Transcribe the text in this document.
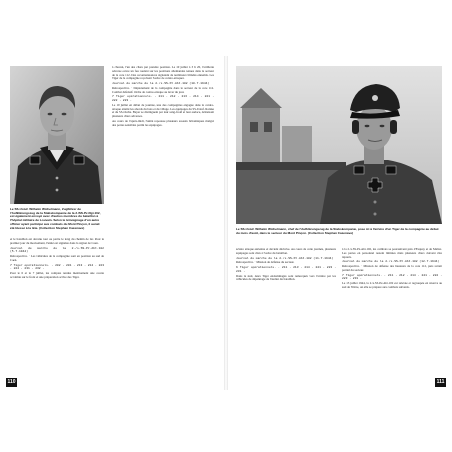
Le SS-Ustuf. Wilhelm Wichelmann, Zugführer de l'Aufklärungszug de la Stabskompanie de la 2./SS-Pz.Rgt.102, est également envoyé avec d'autres membres du bataillon à l'hôpital militaire de Louvain. Selon le témoignage d'un autre officier ayant participé aux combats du Mont Pinçon, il aurait été blessé à la tête. (Collection Stephan Cazenave)

et le bataillon est devenu tout ou partie le long du chemin de fer. Pour le premier jour du mouvement, l'unité est signalée dans la région de Caen.

Journal de marche de la 2./s.SS-Pz.Abt.102 (5.7.1944)

Rétrospective. · Les véhicules de la compagnie sont en position au sud de Caen.

7 Tiger opérationnels. · 202 · 201 · 213 · 214 · 223 · 224 · 231 · 232 ·

Pour le 6 et le 7 juillet, les comptes rendus mentionnent une courte accalmie sur le front et une préparation active des Tiger.

à chacun, l'un des chars put prendre position. Le 10 juillet à 3 h 20, l'artillerie adverse ouvre un feu roulant sur les positions allemandes tenues dans le secteur de la cote 112. Des reconnaissances signalent de nombreux blindés ennemis. Les Tiger de la compagnie reçoivent l'ordre de contre-attaquer.

Journal de marche de la 2./s.SS-Pz.Abt.102 (10.7.1944)

Rétrospective. · Déploiement de la compagnie dans le secteur de la cote 112. Combat défensif. Ordre de contre-attaque au lever du jour.

7 Tiger opérationnels. · 211 · 212 · 213 · 214 · 221 · 222 · 223 ·

Le 10 juillet en début de journée, une des compagnies engagée dans la contre-attaque atteint les abords du bois et du village. Les équipages du SS-Ustuf. Ratzke et du SS-Oscha. Bayer se distinguent par leur sang-froid et leur audace, détruisant plusieurs chars adverses.

Au cours de l'après-midi, l'unité repousse plusieurs assauts britanniques malgré des pertes sensibles parmi les équipages.

Le SS-Ustuf. Wilhelm Wichelmann, chef de l'Aufklärungszug de la Stabskompanie, pose ici à l'arrière d'un Tiger de la compagnie au début du mois d'août, dans le secteur du Mont Pinçon. (Collection Stephan Cazenave)

sévère attaque aérienne et devient décisive. Au cours de cette journée, plusieurs équipages sont cités à l'ordre du bataillon.

Journal de marche de la 2./s.SS-Pz.Abt.102 (11.7.1944)

Rétrospective. · Mission de défense du secteur.

6 Tiger opérationnels. · 211 · 213 · 214 · 221 · 223 · 231 ·

Dans la nuit, deux Tiger endommagés sont remorqués vers l'arrière par les véhicules de dépannage de l'atelier du bataillon.

à la 2./s.SS-Pz.Abt.102, les combats se poursuivent près d'Esquay et de Maltot. Les pertes en personnel restent limitées mais plusieurs chars doivent être réparés.

Journal de marche de la 2./s.SS-Pz.Abt.102 (12.7.1944)

Rétrospective. · Mission de défense des hauteurs de la cote 112, puis retrait partiel du secteur.

7 Tiger opérationnels. · 211 · 212 · 214 · 221 · 222 · 223 · 231 ·

Le 13 juillet 1944, la 2./s.SS-Pz.Abt.102 est relevée et regroupée en réserve au sud de l'Orne, où elle se prépare aux combats suivants.

110	111
